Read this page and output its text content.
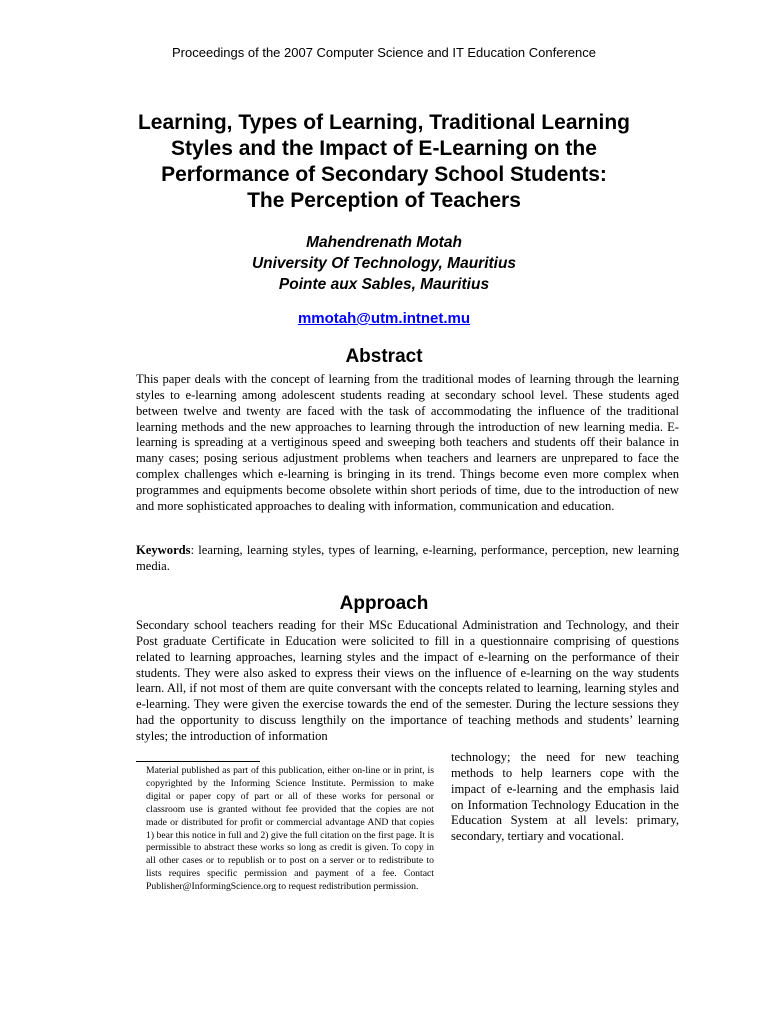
Proceedings of the 2007 Computer Science and IT Education Conference
Learning, Types of Learning, Traditional Learning
Styles and the Impact of E-Learning on the
Performance of Secondary School Students:
The Perception of Teachers
Mahendrenath Motah
University Of Technology, Mauritius
Pointe aux Sables, Mauritius
mmotah@utm.intnet.mu
Abstract

This paper deals with the concept of learning from the traditional modes of learning through the learning styles to e-learning among adolescent students reading at secondary school level. These students aged between twelve and twenty are faced with the task of accommodating the influence of the traditional learning methods and the new approaches to learning through the introduction of new learning media. E-learning is spreading at a vertiginous speed and sweeping both teachers and students off their balance in many cases; posing serious adjustment problems when teachers and learners are unprepared to face the complex challenges which e-learning is bringing in its trend. Things become even more complex when programmes and equipments become obsolete within short periods of time, due to the introduction of new and more sophisticated approaches to dealing with information, communication and education.

Keywords: learning, learning styles, types of learning, e-learning, performance, perception, new learning media.

Approach

Secondary school teachers reading for their MSc Educational Administration and Technology, and their Post graduate Certificate in Education were solicited to fill in a questionnaire comprising of questions related to learning approaches, learning styles and the impact of e-learning on the performance of their students. They were also asked to express their views on the influence of e-learning on the way students learn. All, if not most of them are quite conversant with the concepts related to learning, learning styles and e-learning. They were given the exercise towards the end of the semester. During the lecture sessions they had the opportunity to discuss lengthily on the importance of teaching methods and students’ learning styles; the introduction of information

Material published as part of this publication, either on-line or in print, is copyrighted by the Informing Science Institute. Permission to make digital or paper copy of part or all of these works for personal or classroom use is granted without fee provided that the copies are not made or distributed for profit or commercial advantage AND that copies 1) bear this notice in full and 2) give the full citation on the first page. It is permissible to abstract these works so long as credit is given. To copy in all other cases or to republish or to post on a server or to redistribute to lists requires specific permission and payment of a fee. Contact Publisher@InformingScience.org to request redistribution permission.
technology; the need for new teaching methods to help learners cope with the impact of e-learning and the emphasis laid on Information Technology Education in the Education System at all levels: primary, secondary, tertiary and vocational.
